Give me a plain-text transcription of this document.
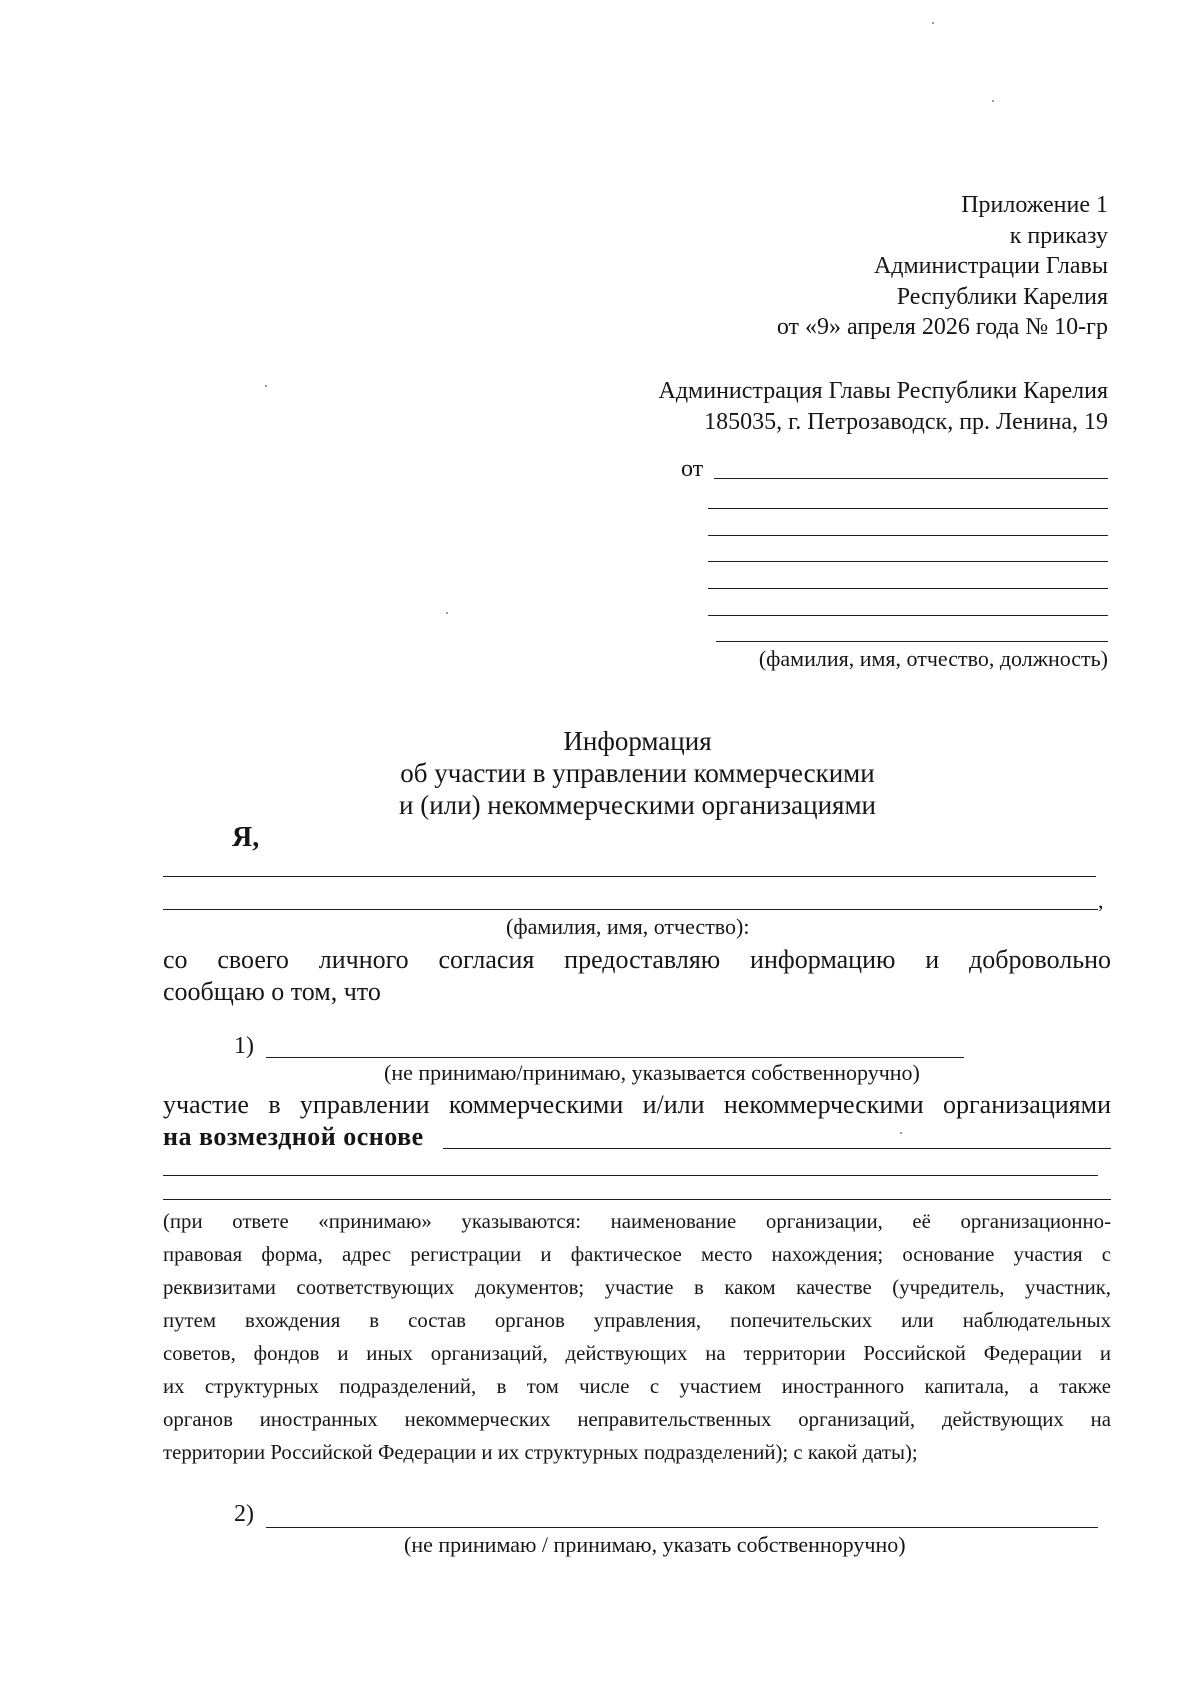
Приложение 1
к приказу
Администрации Главы
Республики Карелия
от «9» апреля 2026 года № 10-гр
Администрация Главы Республики Карелия
185035, г. Петрозаводск, пр. Ленина, 19
от
(фамилия, имя, отчество, должность)
Информация
об участии в управлении коммерческими
и (или) некоммерческими организациями
Я,
,
(фамилия, имя, отчество):
со своего личного согласия предоставляю информацию и добровольно
сообщаю о том, что
1)
(не принимаю/принимаю, указывается собственноручно)
участие в управлении коммерческими и/или некоммерческими организациями
на возмездной основе
(при ответе «принимаю» указываются: наименование организации, её организационно-
правовая форма, адрес регистрации и фактическое место нахождения; основание участия с
реквизитами соответствующих документов; участие в каком качестве (учредитель, участник,
путем вхождения в состав органов управления, попечительских или наблюдательных
советов, фондов и иных организаций, действующих на территории Российской Федерации и
их структурных подразделений, в том числе с участием иностранного капитала, а также
органов иностранных некоммерческих неправительственных организаций, действующих на
территории Российской Федерации и их структурных подразделений); с какой даты);
2)
(не принимаю / принимаю, указать собственноручно)
